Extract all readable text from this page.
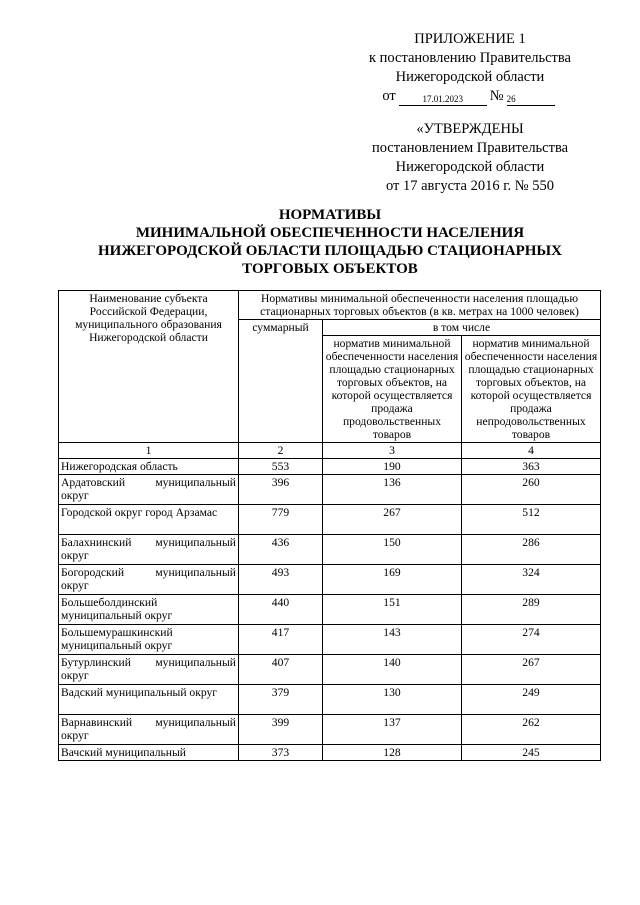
ПРИЛОЖЕНИЕ 1
к постановлению Правительства
Нижегородской области
от	17.01.2023	№ 26
«УТВЕРЖДЕНЫ
постановлением Правительства
Нижегородской области
от 17 августа 2016 г. № 550
НОРМАТИВЫ
МИНИМАЛЬНОЙ ОБЕСПЕЧЕННОСТИ НАСЕЛЕНИЯ
НИЖЕГОРОДСКОЙ ОБЛАСТИ ПЛОЩАДЬЮ СТАЦИОНАРНЫХ
ТОРГОВЫХ ОБЪЕКТОВ
Наименование субъекта Российской Федерации, муниципального образования Нижегородской области	Нормативы минимальной обеспеченности населения площадью стационарных торговых объектов (в кв. метрах на 1000 человек)		
	суммарный	в том числе	
		норматив минимальной обеспеченности населения площадью стационарных торговых объектов, на которой осуществляется продажа продовольственных товаров	норматив минимальной обеспеченности населения площадью стационарных торговых объектов, на которой осуществляется продажа непродовольственных товаров
1	2	3	4
Нижегородская область	553	190	363
Ардатовский муниципальный округ	396	136	260
Городской округ город Арзамас	779	267	512
Балахнинский муниципальный округ	436	150	286
Богородский муниципальный округ	493	169	324
Большеболдинский муниципальный округ	440	151	289
Большемурашкинский муниципальный округ	417	143	274
Бутурлинский муниципальный округ	407	140	267
Вадский муниципальный округ	379	130	249
Варнавинский муниципальный округ	399	137	262
Вачский муниципальный	373	128	245
